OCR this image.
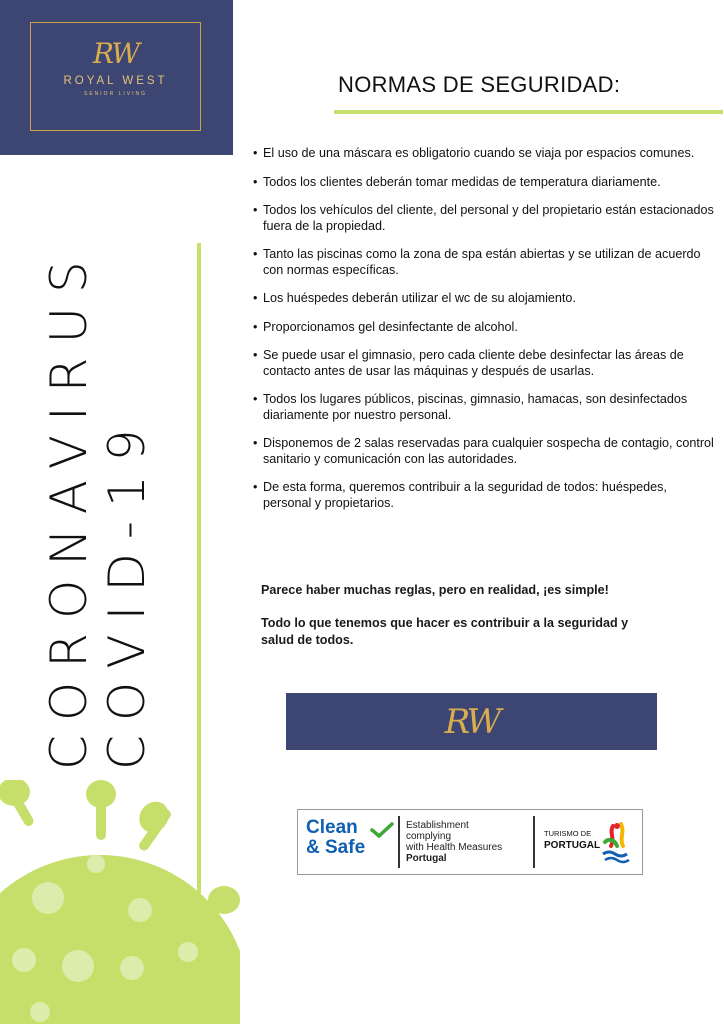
RW
ROYAL WEST
SENIOR LIVING
CORONAVIRUS COVID-19
NORMAS DE SEGURIDAD:
• El uso de una máscara es obligatorio cuando se viaja por espacios comunes.
• Todos los clientes deberán tomar medidas de temperatura diariamente.
• Todos los vehículos del cliente, del personal y del propietario están estacionados fuera de la propiedad.
• Tanto las piscinas como la zona de spa están abiertas y se utilizan de acuerdo con normas específicas.
• Los huéspedes deberán utilizar el wc de su alojamiento.
• Proporcionamos gel desinfectante de alcohol.
• Se puede usar el gimnasio, pero cada cliente debe desinfectar las áreas de contacto antes de usar las máquinas y después de usarlas.
• Todos los lugares públicos, piscinas, gimnasio, hamacas, son desinfectados diariamente por nuestro personal.
• Disponemos de 2 salas reservadas para cualquier sospecha de contagio, control sanitario y comunicación con las autoridades.
• De esta forma, queremos contribuir a la seguridad de todos: huéspedes, personal y propietarios.

Parece haber muchas reglas, pero en realidad, ¡es simple!

Todo lo que tenemos que hacer es contribuir a la seguridad y salud de todos.

RW
Clean
& Safe
Establishment
complying
with Health Measures
Portugal
TURISMO DE
PORTUGAL
